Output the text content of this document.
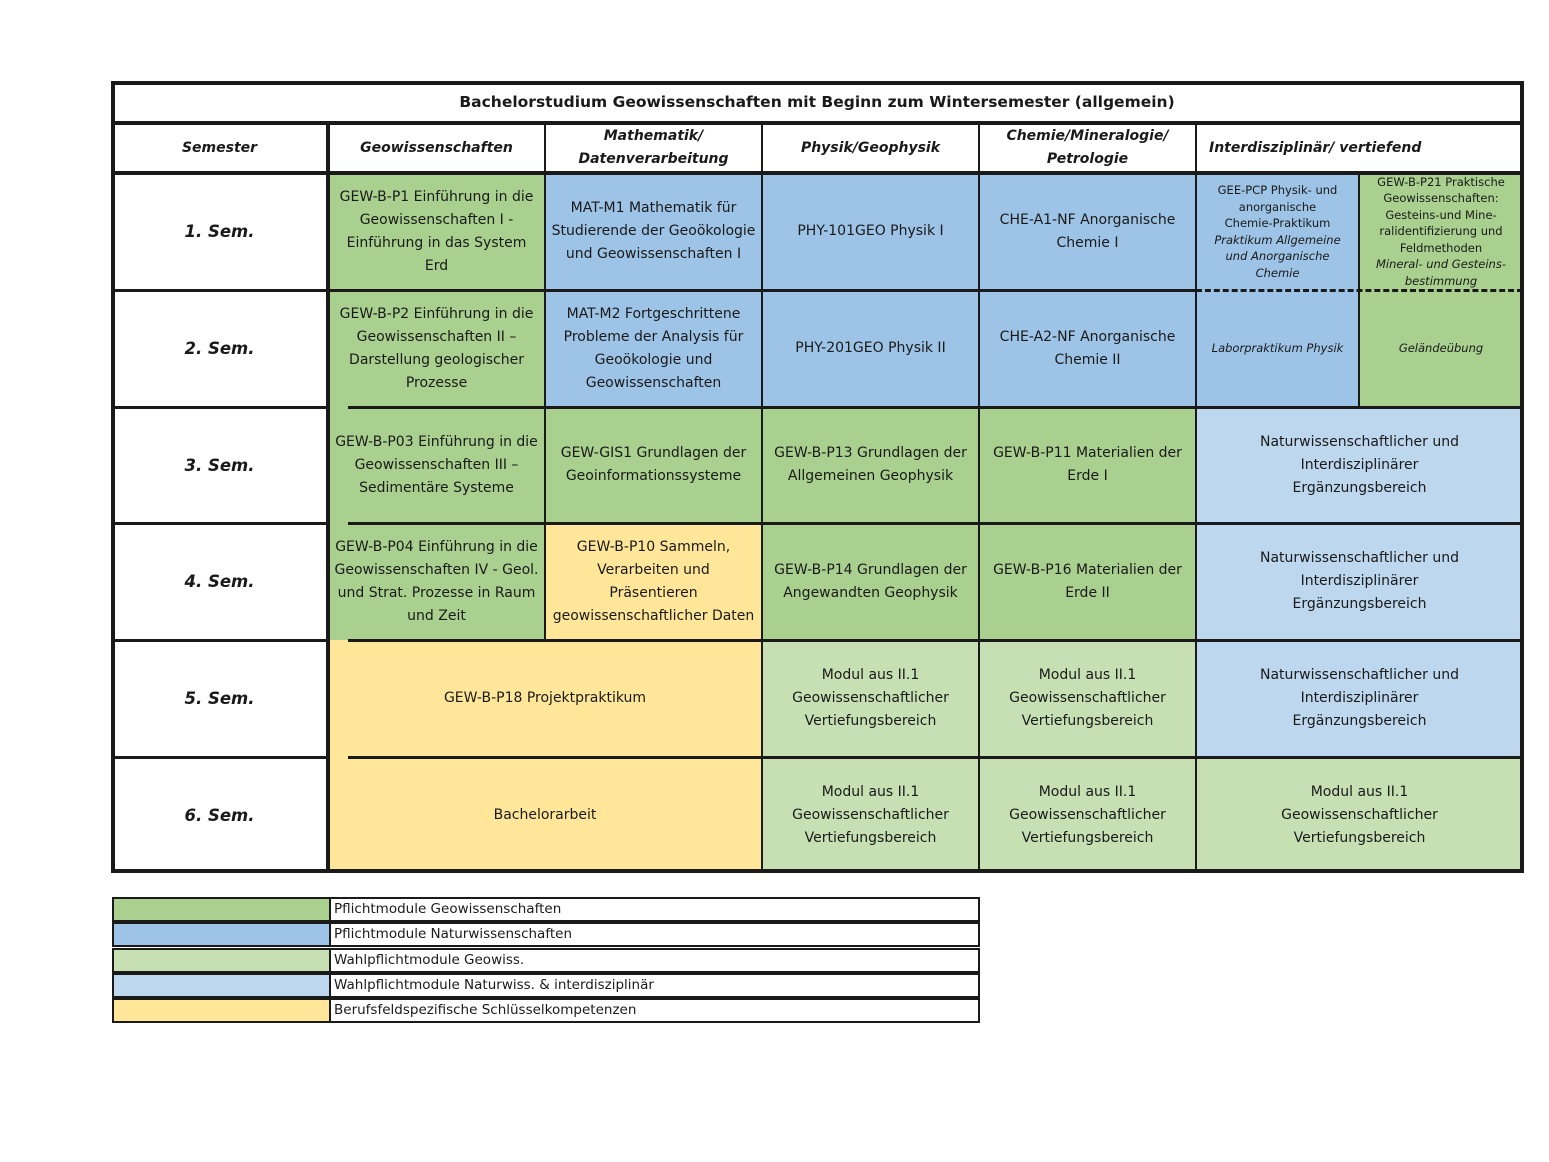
Bachelorstudium Geowissenschaften mit Beginn zum Wintersemester (allgemein)
Semester	Geowissenschaften
Mathematik/
Datenverarbeitung
Physik/Geophysik
Chemie/Mineralogie/
Petrologie
Interdisziplinär/ vertiefend
1. Sem.
2. Sem.
3. Sem.
4. Sem.
5. Sem.
6. Sem.
GEW-B-P1 Einführung in die
Geowissenschaften I -
Einführung in das System Erd
GEW-B-P2 Einführung in die
Geowissenschaften II –
Darstellung geologischer
Prozesse
GEW-B-P03 Einführung in die
Geowissenschaften III –
Sedimentäre Systeme
GEW-B-P04 Einführung in die
Geowissenschaften IV - Geol.
und Strat. Prozesse in Raum
und Zeit
MAT-M1 Mathematik für
Studierende der Geoökologie
und Geowissenschaften I
MAT-M2 Fortgeschrittene
Probleme der Analysis für
Geoökologie und
Geowissenschaften
GEW-GIS1 Grundlagen der
Geoinformationssysteme
GEW-B-P10 Sammeln,
Verarbeiten und Präsentieren
geowissenschaftlicher Daten
PHY-101GEO Physik I
PHY-201GEO Physik II
GEW-B-P13 Grundlagen der
Allgemeinen Geophysik
GEW-B-P14 Grundlagen der
Angewandten Geophysik
CHE-A1-NF Anorganische
Chemie I
CHE-A2-NF Anorganische
Chemie II
GEW-B-P11 Materialien der
Erde I
GEW-B-P16 Materialien der
Erde II
GEE-PCP Physik- und
anorganische
Chemie-Praktikum
Praktikum Allgemeine
und Anorganische
Chemie
GEW-B-P21 Praktische
Geowissenschaften:
Gesteins-und Mine-
ralidentifizierung und
Feldmethoden
Mineral- und Gesteins-
bestimmung
Laborpraktikum Physik	Geländeübung
Naturwissenschaftlicher und
Interdisziplinärer
Ergänzungsbereich
Naturwissenschaftlicher und
Interdisziplinärer
Ergänzungsbereich
Naturwissenschaftlicher und
Interdisziplinärer
Ergänzungsbereich
GEW-B-P18 Projektpraktikum
Bachelorarbeit
Modul aus II.1
Geowissenschaftlicher
Vertiefungsbereich
Modul aus II.1
Geowissenschaftlicher
Vertiefungsbereich
Modul aus II.1
Geowissenschaftlicher
Vertiefungsbereich
Modul aus II.1
Geowissenschaftlicher
Vertiefungsbereich
Modul aus II.1
Geowissenschaftlicher
Vertiefungsbereich
Pflichtmodule Geowissenschaften
Pflichtmodule Naturwissenschaften
Wahlpflichtmodule Geowiss.
Wahlpflichtmodule Naturwiss. & interdisziplinär
Berufsfeldspezifische Schlüsselkompetenzen
